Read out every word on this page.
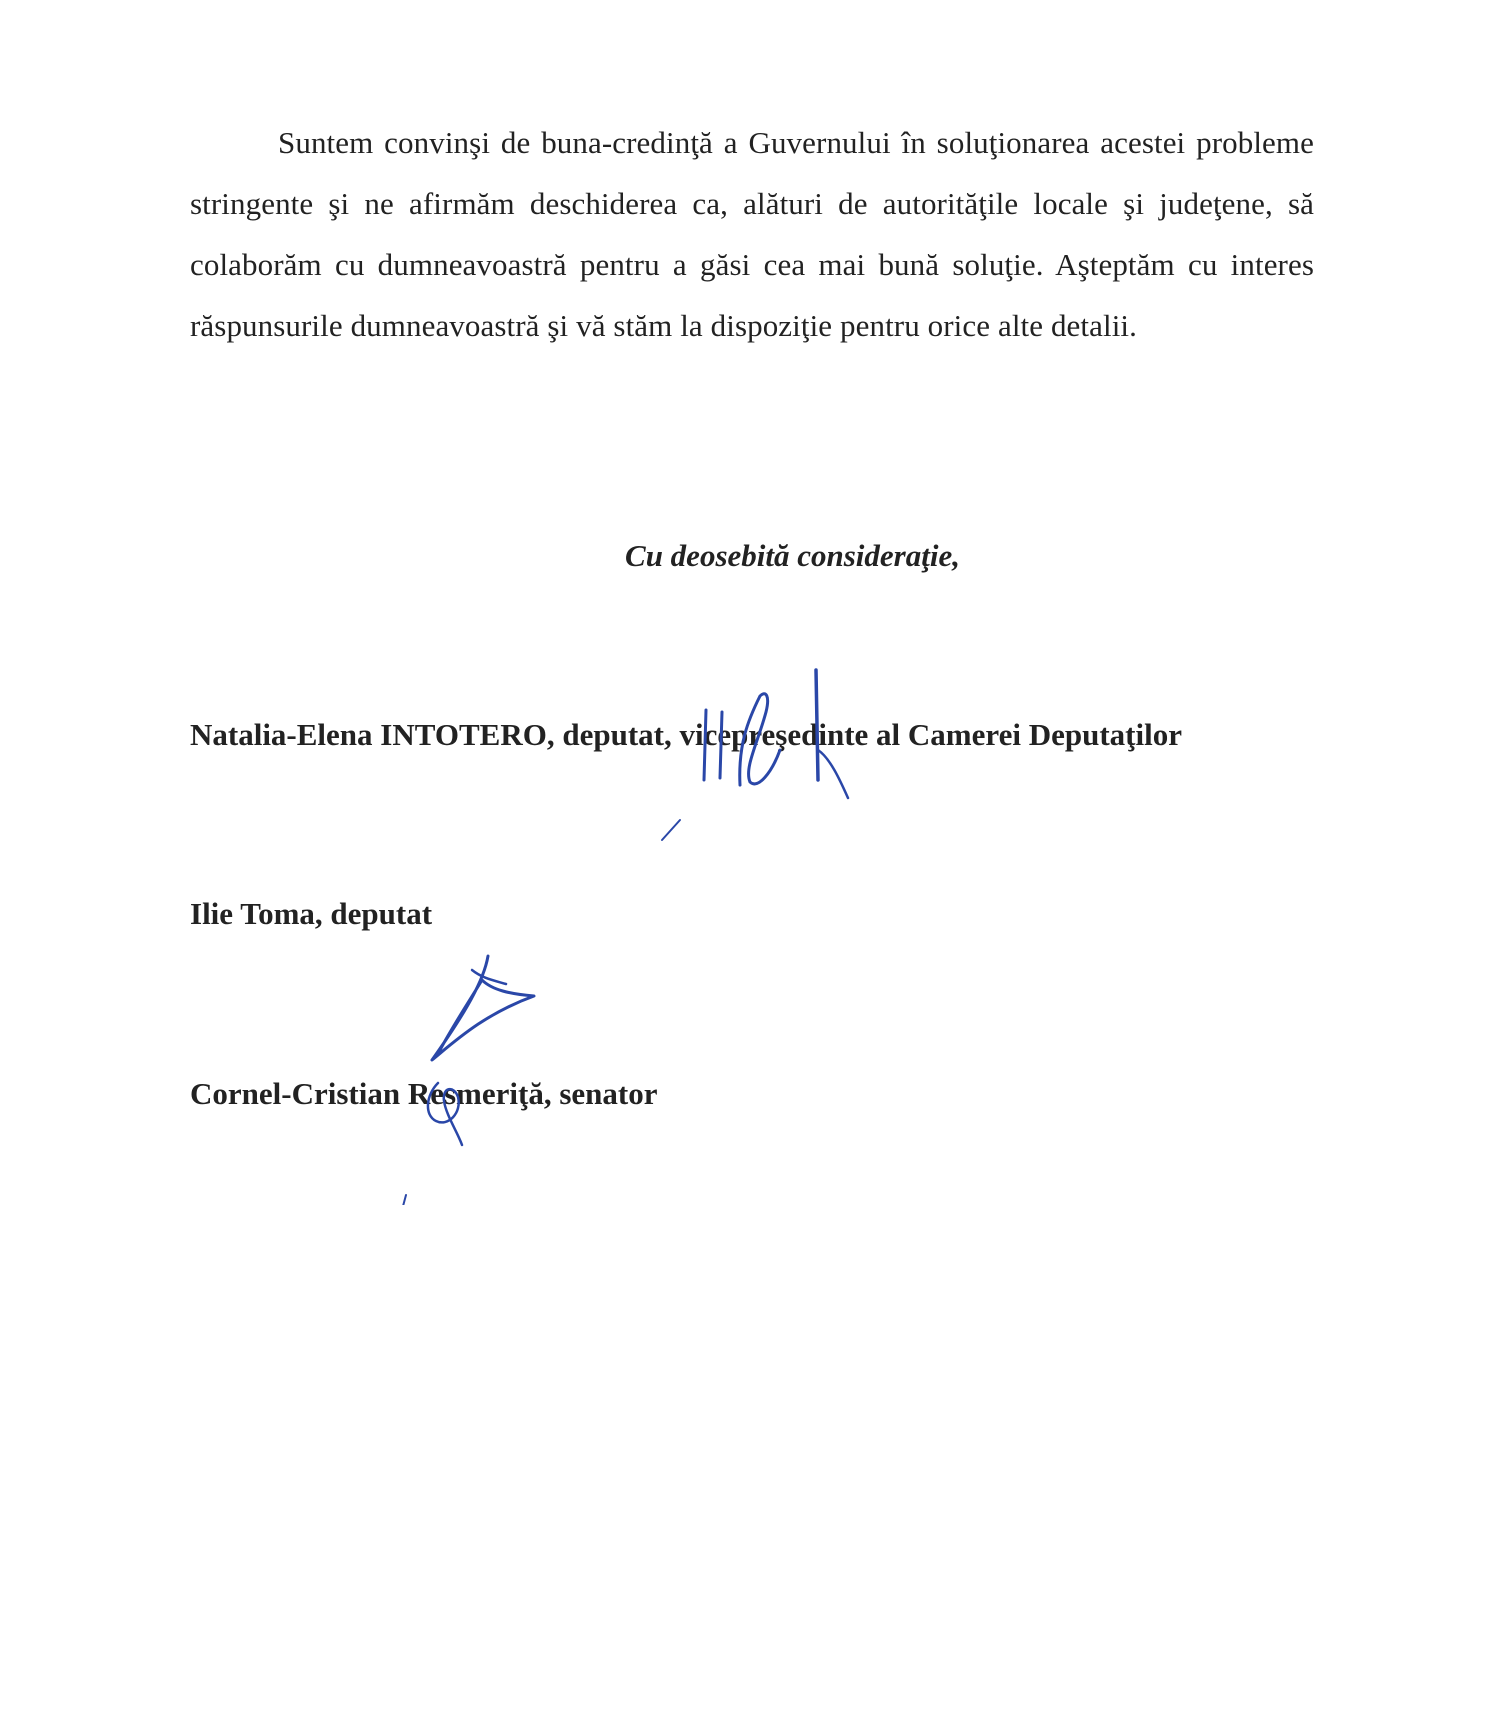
Suntem convinşi de buna-credinţă a Guvernului în soluţionarea acestei probleme stringente şi ne afirmăm deschiderea ca, alături de autorităţile locale şi judeţene, să colaborăm cu dumneavoastră pentru a găsi cea mai bună soluţie. Aşteptăm cu interes răspunsurile dumneavoastră şi vă stăm la dispoziţie pentru orice alte detalii.

Cu deosebită consideraţie,

Natalia-Elena INTOTERO, deputat, vicepreşedinte al Camerei Deputaţilor

Ilie Toma, deputat

Cornel-Cristian Resmeriţă, senator
